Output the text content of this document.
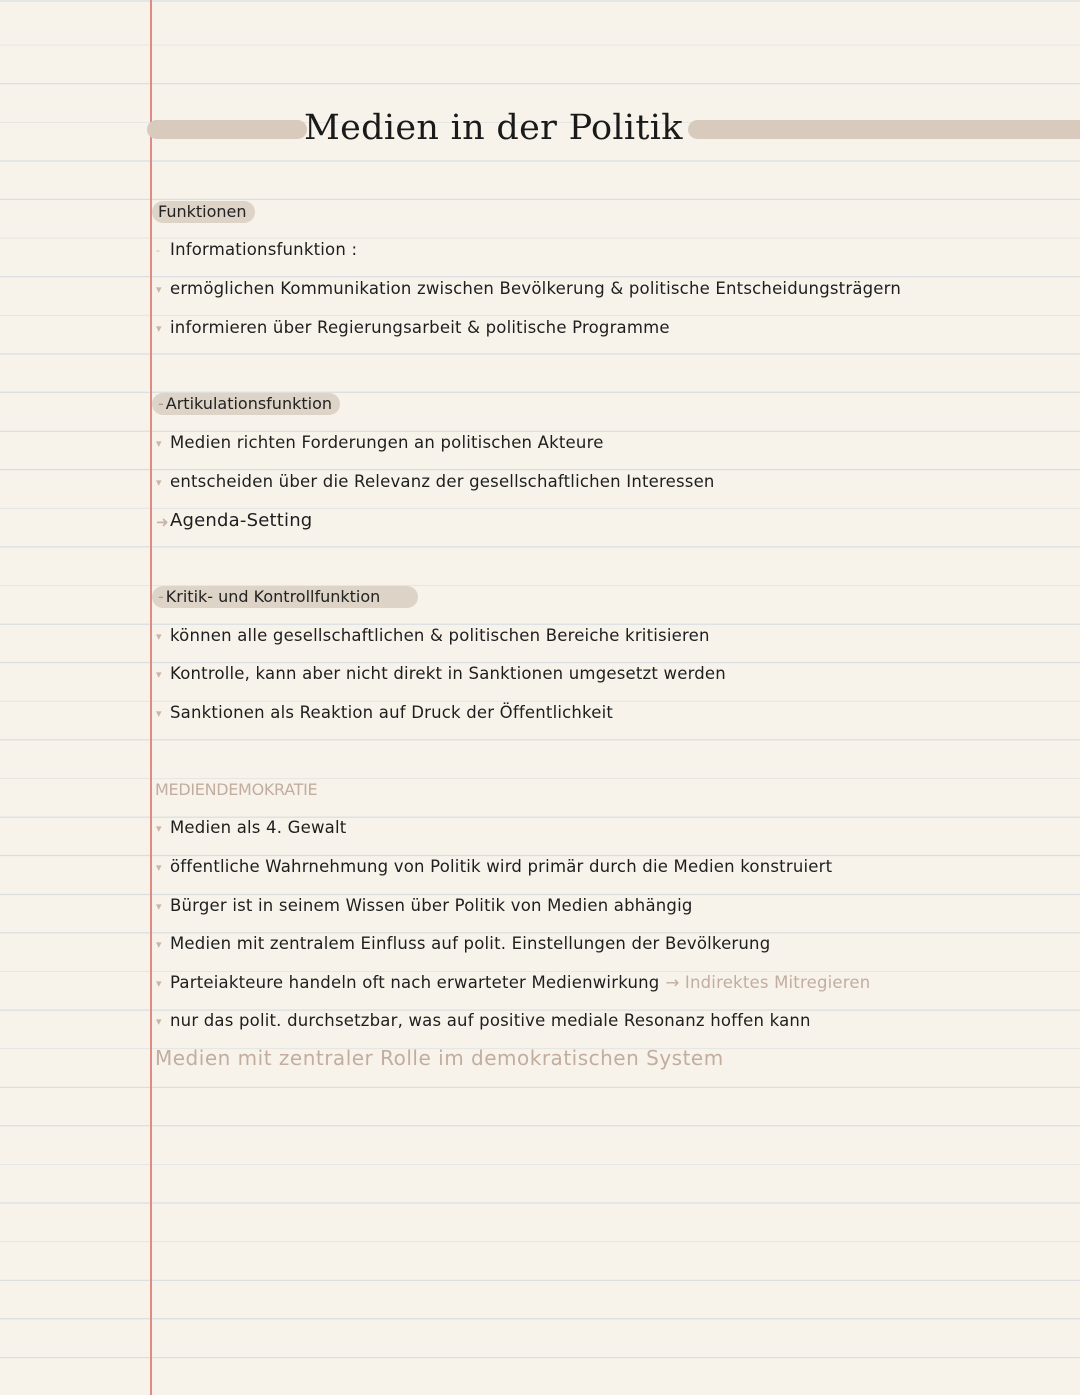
Medien in der Politik
Funktionen
- Informationsfunktion :
▾ ermöglichen Kommunikation zwischen Bevölkerung & politische Entscheidungsträgern
▾ informieren über Regierungsarbeit & politische Programme
- Artikulationsfunktion
▾ Medien richten Forderungen an politischen Akteure
▾ entscheiden über die Relevanz der gesellschaftlichen Interessen
➜Agenda-Setting
- Kritik- und Kontrollfunktion
▾ können alle gesellschaftlichen & politischen Bereiche kritisieren
▾ Kontrolle, kann aber nicht direkt in Sanktionen umgesetzt werden
▾ Sanktionen als Reaktion auf Druck der Öffentlichkeit
MEDIENDEMOKRATIE
▾ Medien als 4. Gewalt
▾ öffentliche Wahrnehmung von Politik wird primär durch die Medien konstruiert
▾ Bürger ist in seinem Wissen über Politik von Medien abhängig
▾ Medien mit zentralem Einfluss auf polit. Einstellungen der Bevölkerung
▾ Parteiakteure handeln oft nach erwarteter Medienwirkung → Indirektes Mitregieren
▾ nur das polit. durchsetzbar, was auf positive mediale Resonanz hoffen kann
Medien mit zentraler Rolle im demokratischen System
